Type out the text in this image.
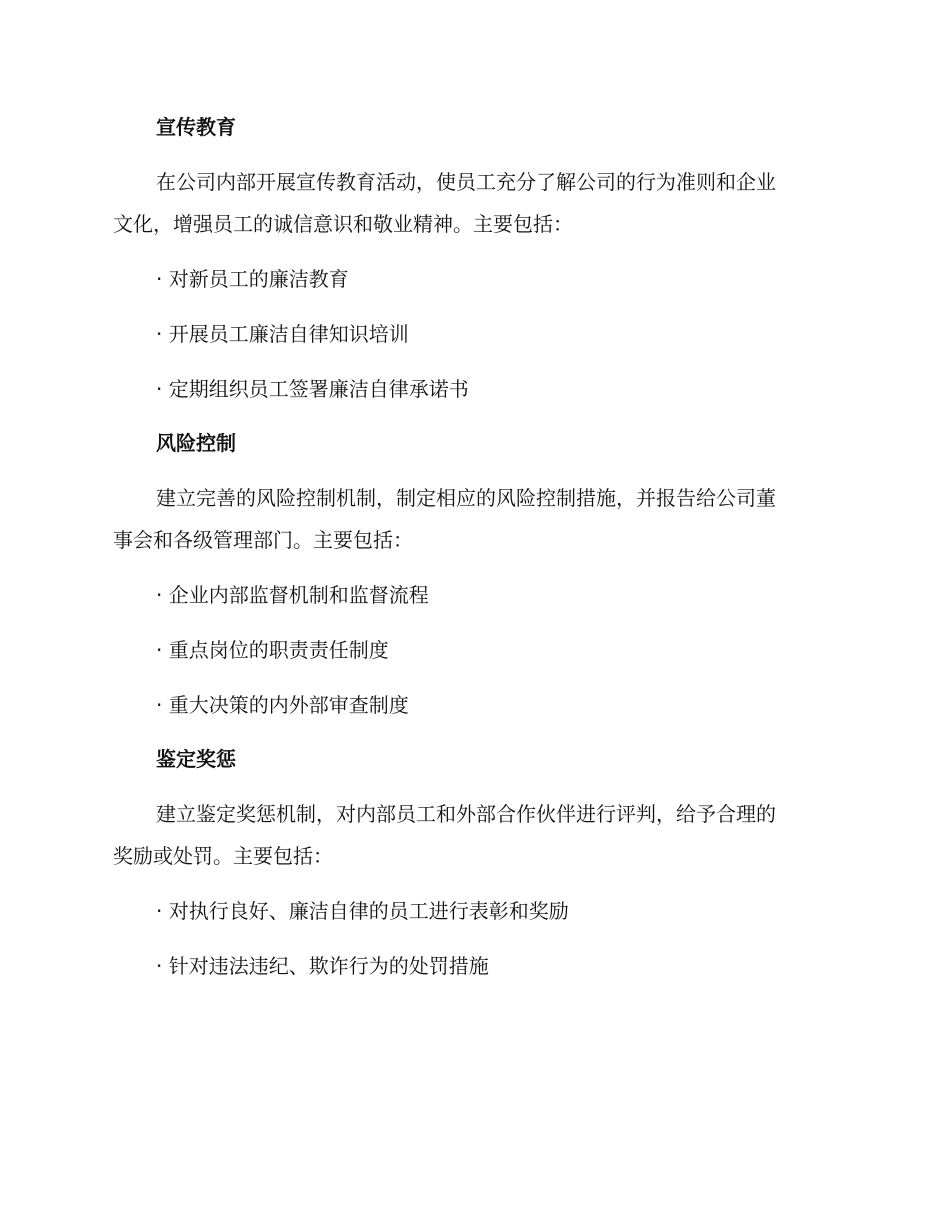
宣传教育

在公司内部开展宣传教育活动，使员工充分了解公司的行为准则和企业

文化，增强员工的诚信意识和敬业精神。主要包括：

· 对新员工的廉洁教育

· 开展员工廉洁自律知识培训

· 定期组织员工签署廉洁自律承诺书

风险控制

建立完善的风险控制机制，制定相应的风险控制措施，并报告给公司董

事会和各级管理部门。主要包括：

· 企业内部监督机制和监督流程

· 重点岗位的职责责任制度

· 重大决策的内外部审查制度

鉴定奖惩

建立鉴定奖惩机制，对内部员工和外部合作伙伴进行评判，给予合理的

奖励或处罚。主要包括：

· 对执行良好、廉洁自律的员工进行表彰和奖励

· 针对违法违纪、欺诈行为的处罚措施
